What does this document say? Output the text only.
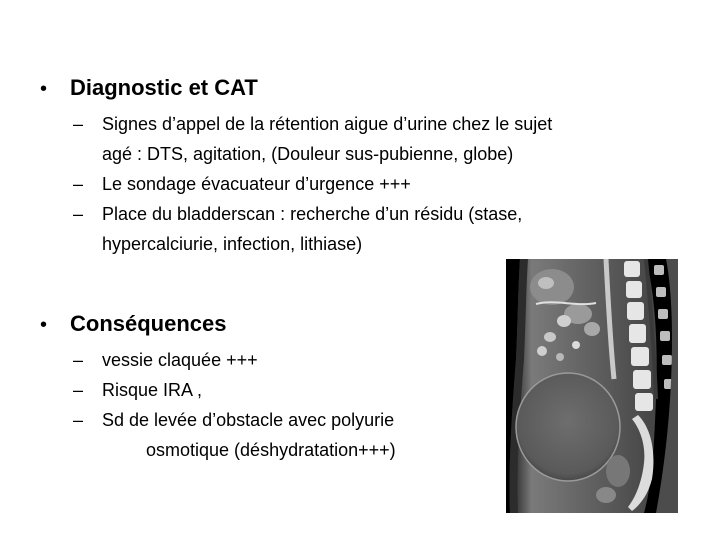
•	Diagnostic et CAT
–	Signes d’appel de la rétention aigue d’urine chez le sujet
agé : DTS, agitation, (Douleur sus-pubienne, globe)
–	Le sondage évacuateur d’urgence +++
–	Place du bladderscan : recherche d’un résidu (stase,
hypercalciurie, infection, lithiase)
•	Conséquences
–	vessie claquée +++
–	Risque IRA ,
–	Sd de levée d’obstacle avec polyurie
osmotique (déshydratation+++)
